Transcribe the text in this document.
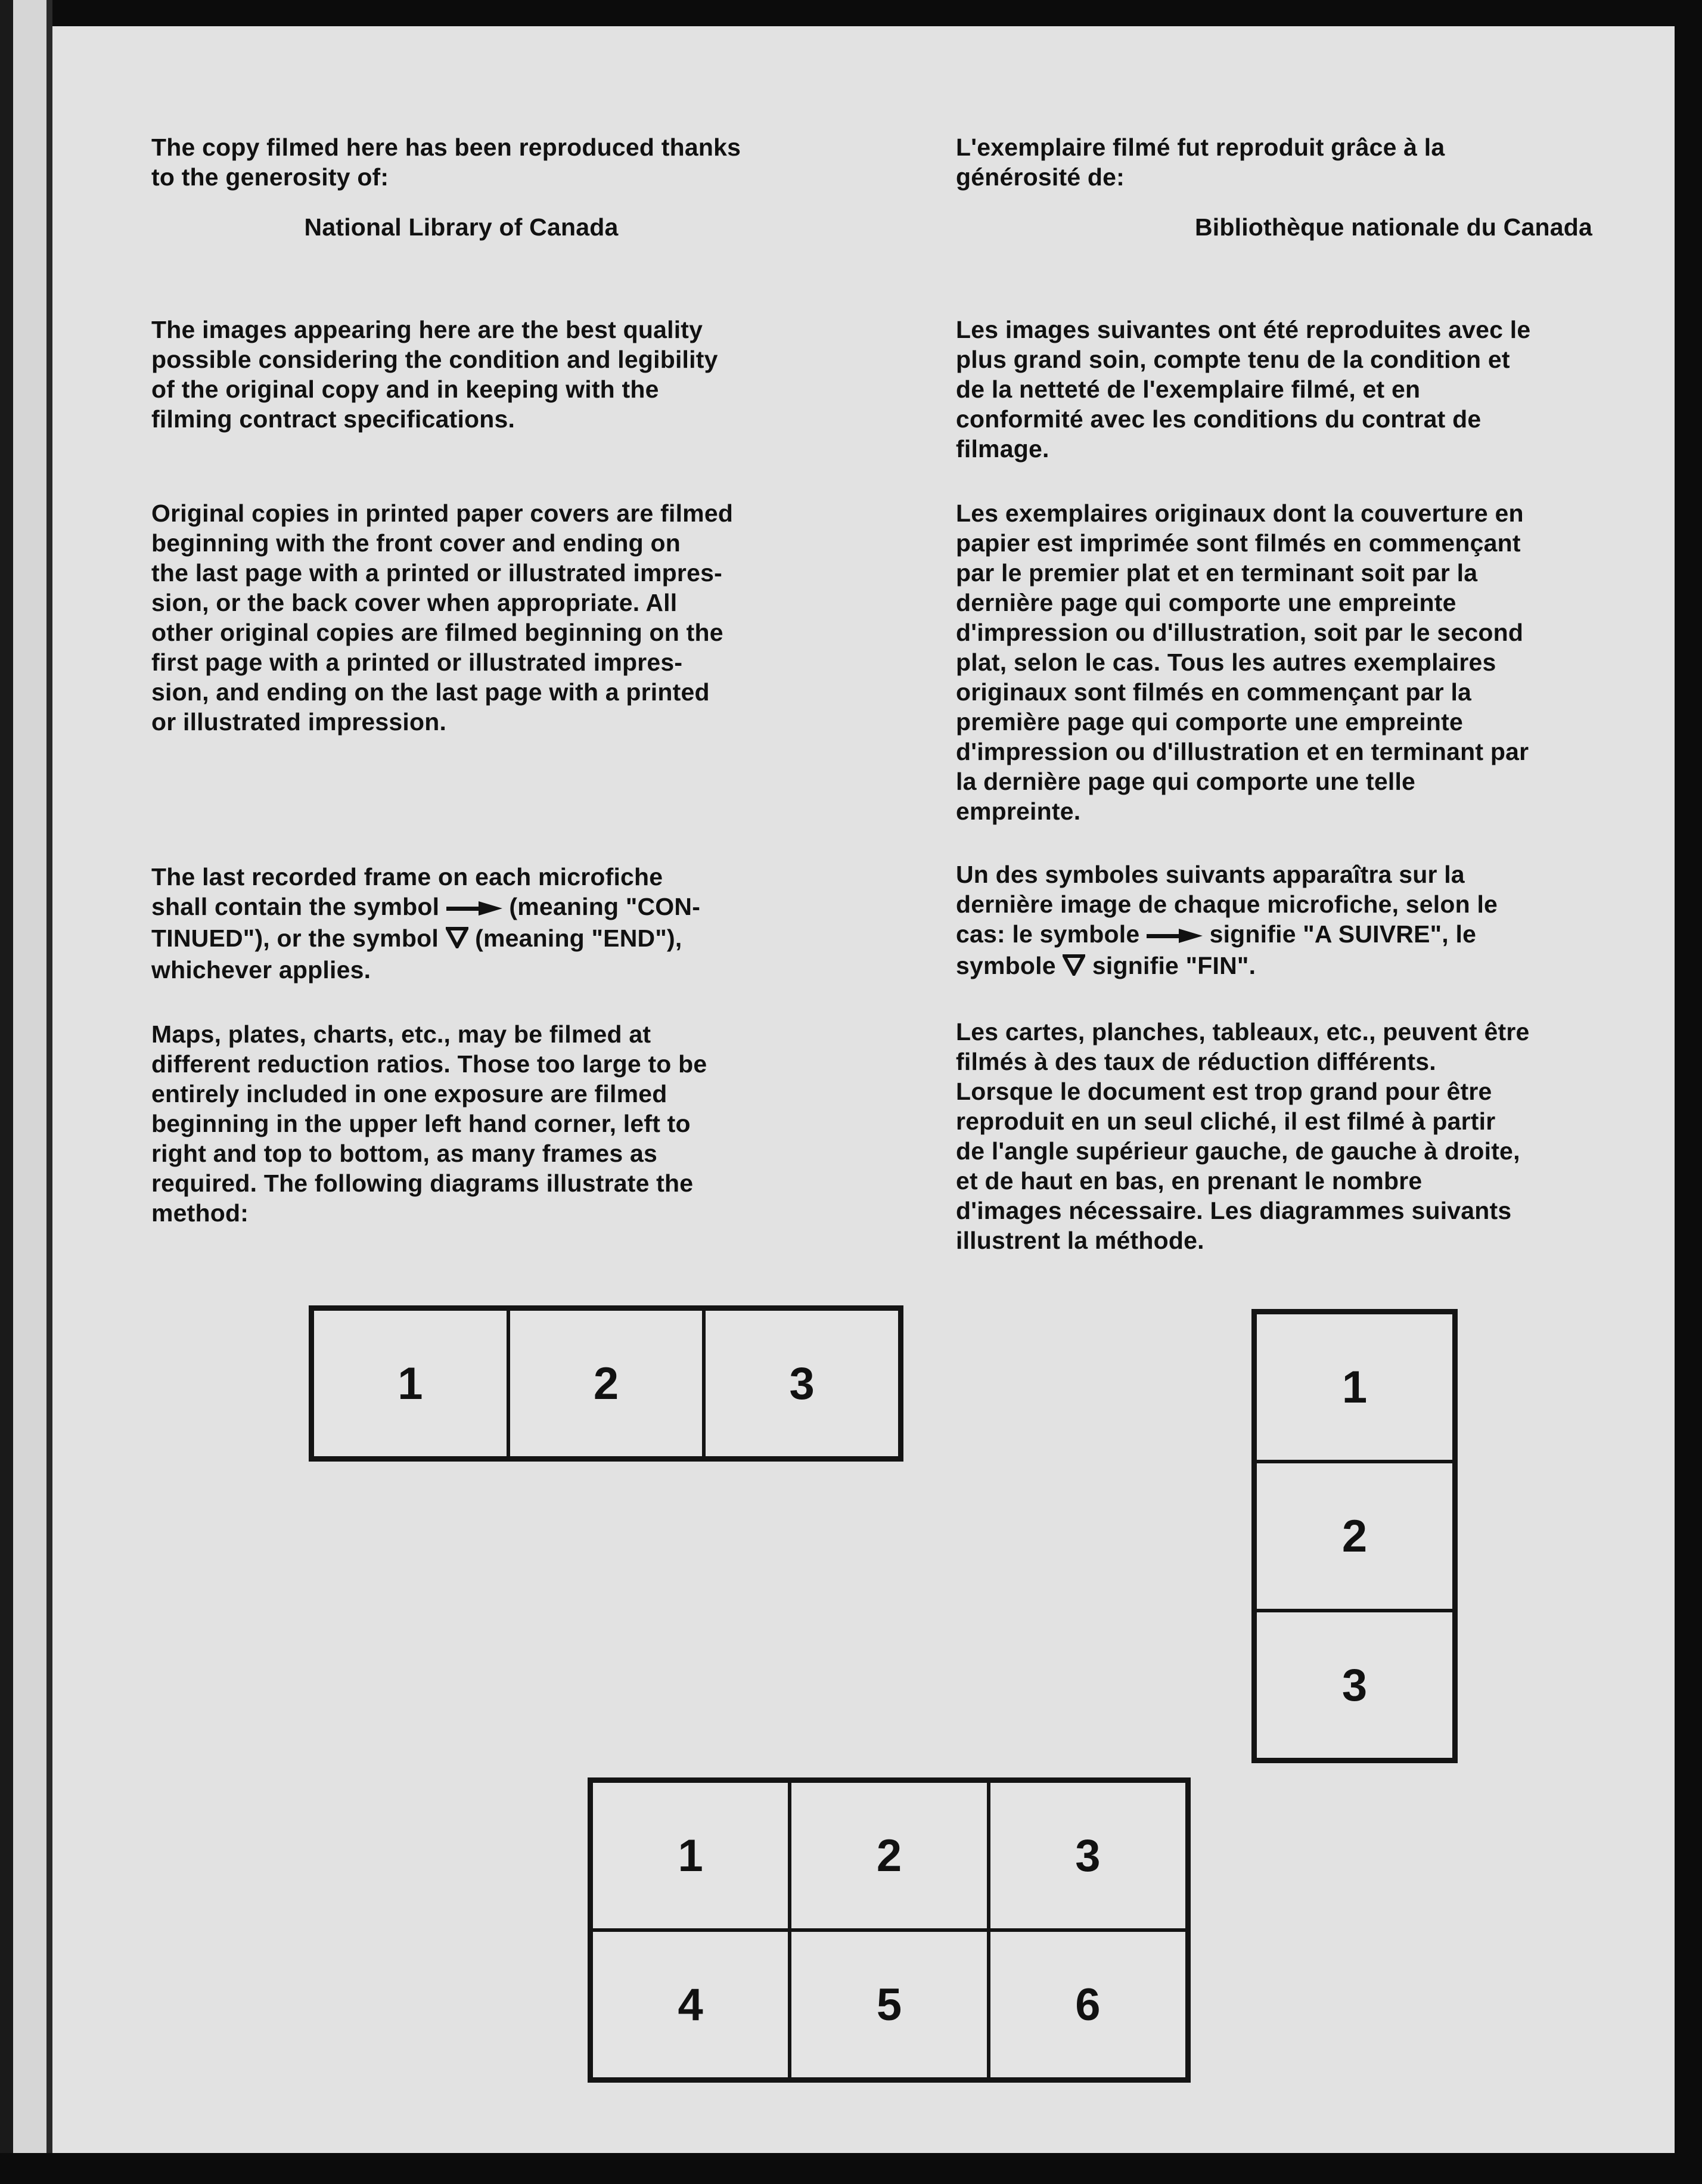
The copy filmed here has been reproduced thanks
to the generosity of:

National Library of Canada

The images appearing here are the best quality
possible considering the condition and legibility
of the original copy and in keeping with the
filming contract specifications.

Original copies in printed paper covers are filmed
beginning with the front cover and ending on
the last page with a printed or illustrated impres-
sion, or the back cover when appropriate. All
other original copies are filmed beginning on the
first page with a printed or illustrated impres-
sion, and ending on the last page with a printed
or illustrated impression.

The last recorded frame on each microfiche
shall contain the symbol	(meaning "CON-
TINUED"), or the symbol  (meaning "END"),
whichever applies.

Maps, plates, charts, etc., may be filmed at
different reduction ratios. Those too large to be
entirely included in one exposure are filmed
beginning in the upper left hand corner, left to
right and top to bottom, as many frames as
required. The following diagrams illustrate the
method:

L'exemplaire filmé fut reproduit grâce à la
générosité de:

Bibliothèque nationale du Canada

Les images suivantes ont été reproduites avec le
plus grand soin, compte tenu de la condition et
de la netteté de l'exemplaire filmé, et en
conformité avec les conditions du contrat de
filmage.

Les exemplaires originaux dont la couverture en
papier est imprimée sont filmés en commençant
par le premier plat et en terminant soit par la
dernière page qui comporte une empreinte
d'impression ou d'illustration, soit par le second
plat, selon le cas. Tous les autres exemplaires
originaux sont filmés en commençant par la
première page qui comporte une empreinte
d'impression ou d'illustration et en terminant par
la dernière page qui comporte une telle
empreinte.

Un des symboles suivants apparaîtra sur la
dernière image de chaque microfiche, selon le
cas: le symbole	signifie "A SUIVRE", le
symbole  signifie "FIN".

Les cartes, planches, tableaux, etc., peuvent être
filmés à des taux de réduction différents.
Lorsque le document est trop grand pour être
reproduit en un seul cliché, il est filmé à partir
de l'angle supérieur gauche, de gauche à droite,
et de haut en bas, en prenant le nombre
d'images nécessaire. Les diagrammes suivants
illustrent la méthode.

1	2	3	1
2
3
1	2	3
4	5	6
